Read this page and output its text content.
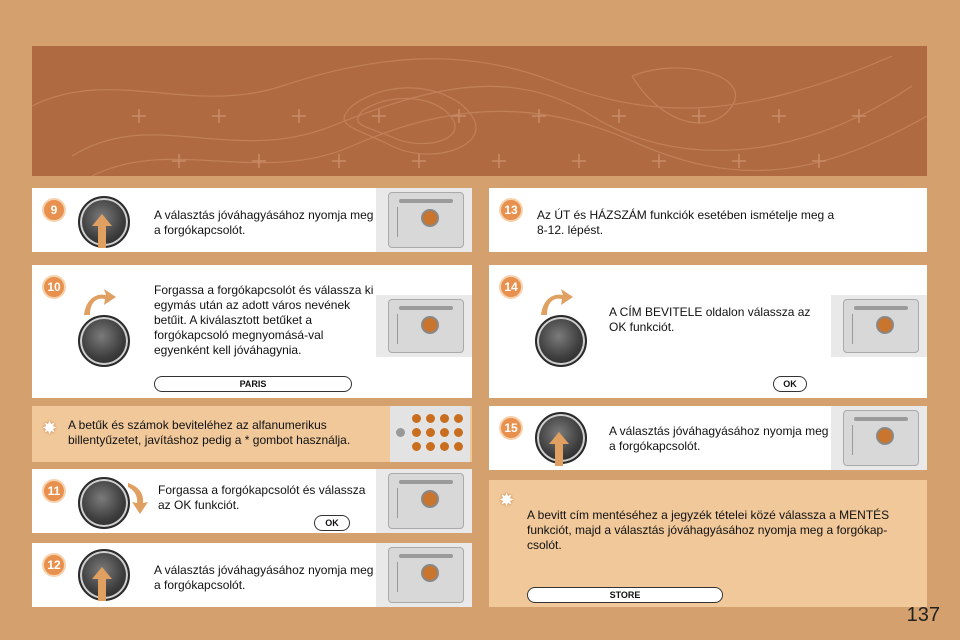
9	A választás jóváhagyásához nyomja meg a forgókapcsolót.
10	Forgassa a forgókapcsolót és válassza ki egymás után az adott város nevének betűit. A kiválasztott betűket a forgókapcsoló megnyomásá-val egyenként kell jóváhagynia.
PARIS
✸ A betűk és számok beviteléhez az alfanumerikus billentyűzetet, javításhoz pedig a * gombot használja.
11	Forgassa a forgókapcsolót és válassza az OK funkciót.
OK
12	A választás jóváhagyásához nyomja meg a forgókapcsolót.
13	Az ÚT és HÁZSZÁM funkciók esetében ismételje meg a 8-12. lépést.
14
A CÍM BEVITELE oldalon válassza az OK funkciót.
OK
15	A választás jóváhagyásához nyomja meg a forgókapcsolót.
✸
A bevitt cím mentéséhez a jegyzék tételei közé válassza a MENTÉS funkciót, majd a választás jóváhagyásához nyomja meg a forgókap-csolót.
STORE
137
